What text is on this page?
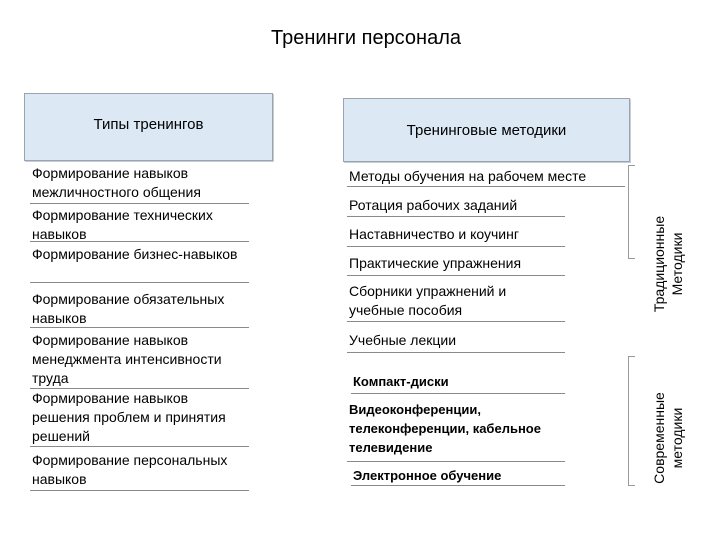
Тренинги персонала
Типы тренингов	Тренинговые методики
Формирование навыков межличностного общения
Формирование технических навыков
Формирование бизнес-навыков
Формирование обязательных навыков
Формирование навыков менеджмента интенсивности труда
Формирование навыков решения проблем и принятия решений
Формирование персональных навыков
Методы обучения на рабочем месте
Ротация рабочих заданий
Наставничество и коучинг
Практические упражнения
Сборники упражнений и учебные пособия
Учебные лекции
Компакт-диски
Видеоконференции, телеконференции, кабельное телевидение
Электронное обучение
Традиционные Методики
Современные методики
